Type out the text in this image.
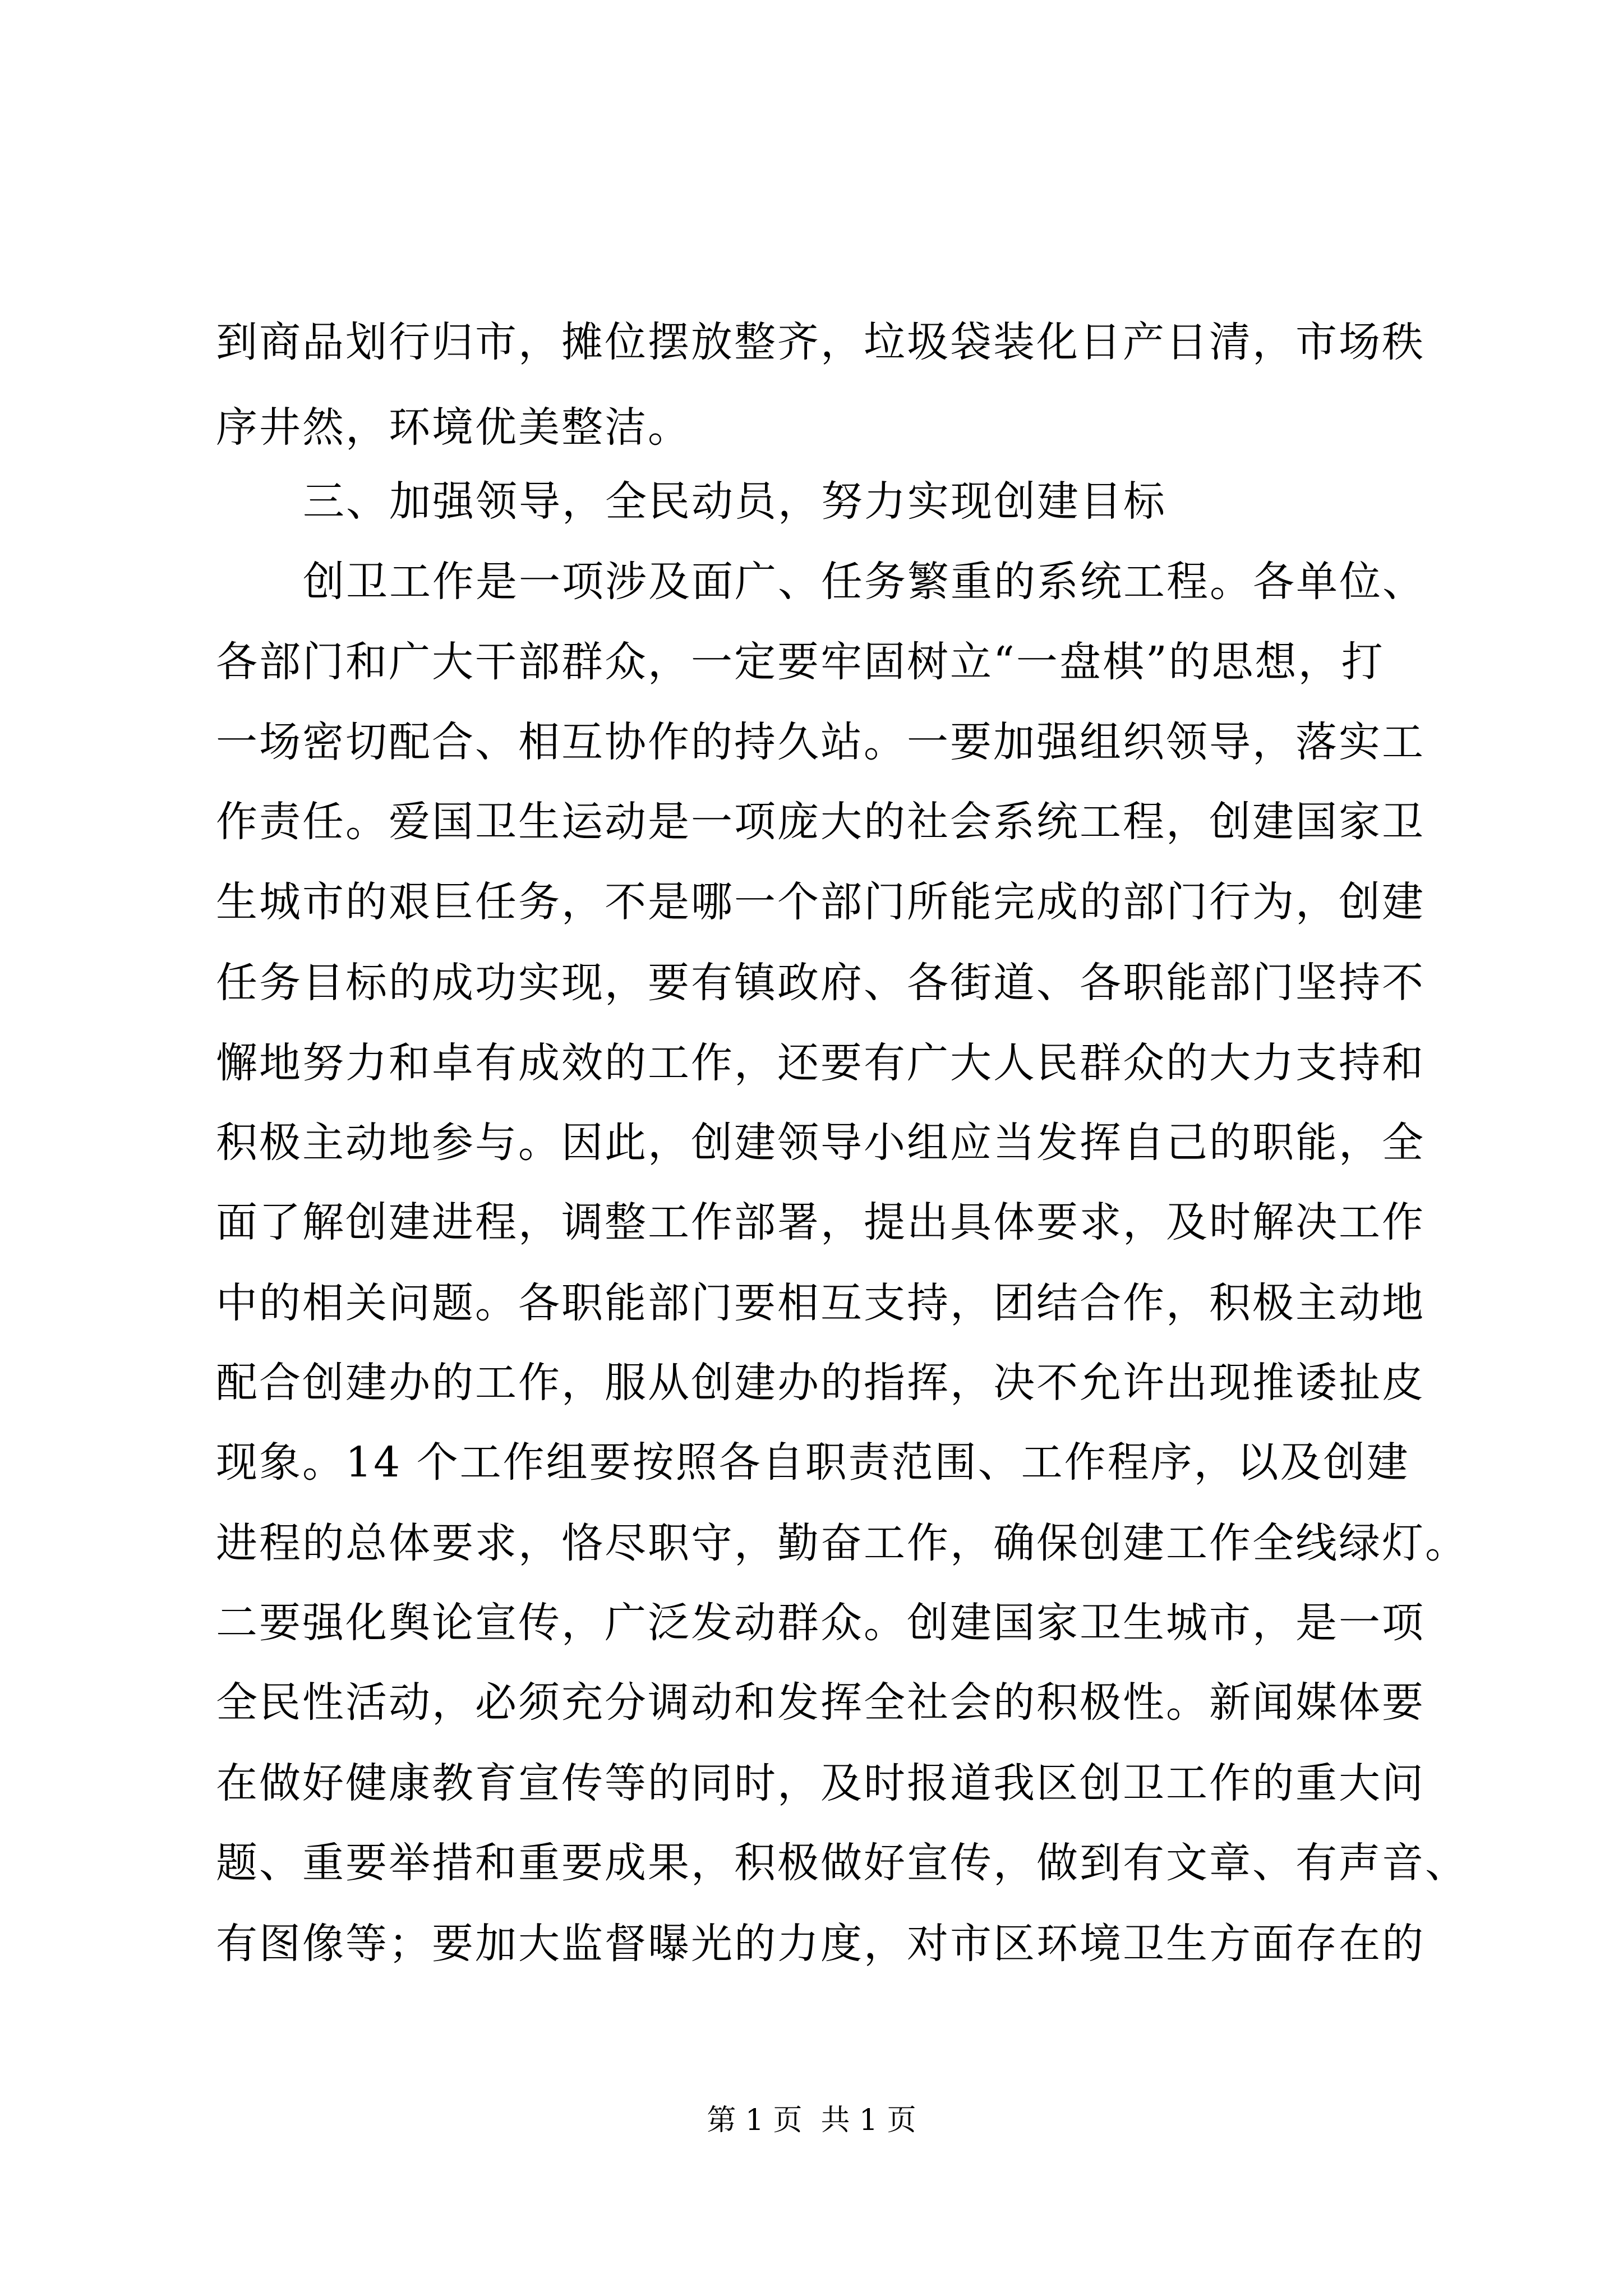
到商品划行归市，摊位摆放整齐，垃圾袋装化日产日清，市场秩
序井然，环境优美整洁。
三、加强领导，全民动员，努力实现创建目标
创卫工作是一项涉及面广、任务繁重的系统工程。各单位、
各部门和广大干部群众，一定要牢固树立“一盘棋”的思想，打
一场密切配合、相互协作的持久站。一要加强组织领导，落实工
作责任。爱国卫生运动是一项庞大的社会系统工程，创建国家卫
生城市的艰巨任务，不是哪一个部门所能完成的部门行为，创建
任务目标的成功实现，要有镇政府、各街道、各职能部门坚持不
懈地努力和卓有成效的工作，还要有广大人民群众的大力支持和
积极主动地参与。因此，创建领导小组应当发挥自己的职能，全
面了解创建进程，调整工作部署，提出具体要求，及时解决工作
中的相关问题。各职能部门要相互支持，团结合作，积极主动地
配合创建办的工作，服从创建办的指挥，决不允许出现推诿扯皮
现象。14 个工作组要按照各自职责范围、工作程序，以及创建
进程的总体要求，恪尽职守，勤奋工作，确保创建工作全线绿灯。
二要强化舆论宣传，广泛发动群众。创建国家卫生城市，是一项
全民性活动，必须充分调动和发挥全社会的积极性。新闻媒体要
在做好健康教育宣传等的同时，及时报道我区创卫工作的重大问
题、重要举措和重要成果，积极做好宣传，做到有文章、有声音、
有图像等；要加大监督曝光的力度，对市区环境卫生方面存在的
第 1 页  共 1 页
